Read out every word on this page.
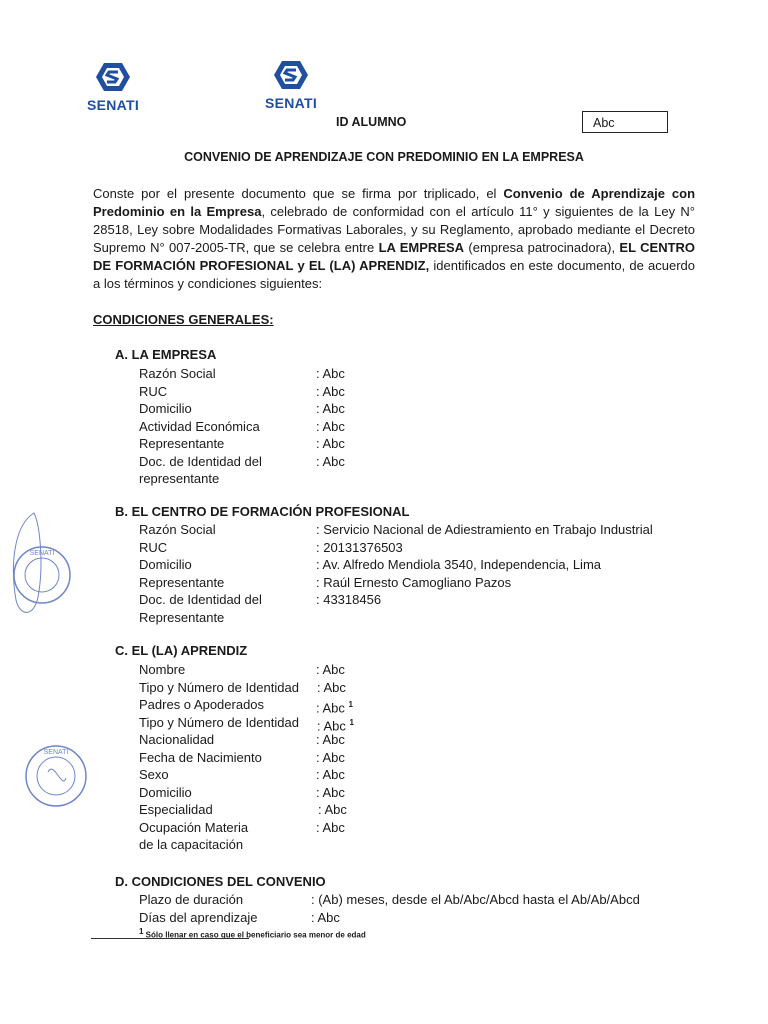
SENATI	SENATI
ID ALUMNO	Abc
CONVENIO DE APRENDIZAJE CON PREDOMINIO EN LA EMPRESA
Conste por el presente documento que se firma por triplicado, el Convenio de Aprendizaje con Predominio en la Empresa, celebrado de conformidad con el artículo 11° y siguientes de la Ley N° 28518, Ley sobre Modalidades Formativas Laborales, y su Reglamento, aprobado mediante el Decreto Supremo N° 007-2005-TR, que se celebra entre LA EMPRESA (empresa patrocinadora), EL CENTRO DE FORMACIÓN PROFESIONAL y EL (LA) APRENDIZ, identificados en este documento, de acuerdo a los términos y condiciones siguientes:
CONDICIONES GENERALES:
A. LA EMPRESA
Razón Social	: Abc
RUC	: Abc
Domicilio	: Abc
Actividad Económica	: Abc
Representante	: Abc
Doc. de Identidad del	: Abc
representante
B. EL CENTRO DE FORMACIÓN PROFESIONAL
Razón Social	: Servicio Nacional de Adiestramiento en Trabajo Industrial
RUC	: 20131376503
Domicilio	: Av. Alfredo Mendiola 3540, Independencia, Lima
Representante	: Raúl Ernesto Camogliano Pazos
Doc. de Identidad del	: 43318456
Representante
C. EL (LA) APRENDIZ
Nombre	: Abc
Tipo y Número de Identidad : Abc
Padres o Apoderados	: Abc $^1$
Tipo y Número de Identidad : Abc $^1$
Nacionalidad	: Abc
Fecha de Nacimiento	: Abc
Sexo	: Abc
Domicilio	: Abc
Especialidad	: Abc
Ocupación Materia	: Abc
de la capacitación
D. CONDICIONES DEL CONVENIO
Plazo de duración	: (Ab) meses, desde el Ab/Abc/Abcd hasta el Ab/Ab/Abcd
Días del aprendizaje	: Abc
$^1$ Sólo llenar en caso que el beneficiario sea menor de edad
SENATI
SENATI
